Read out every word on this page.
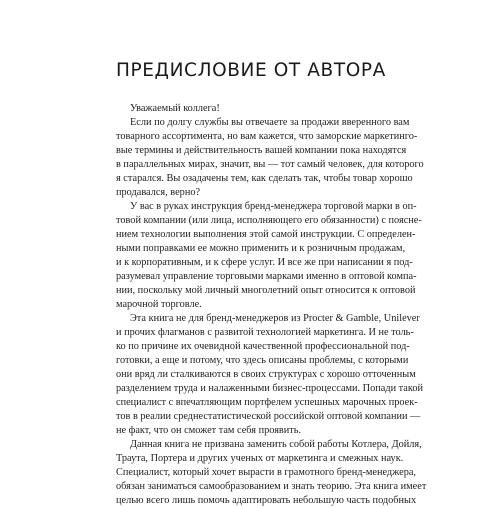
ПРЕДИСЛОВИЕ ОТ АВТОРА
Уважаемый коллега!
Если по долгу службы вы отвечаете за продажи вверенного вам
товарного ассортимента, но вам кажется, что заморские маркетинго-
вые термины и действительность вашей компании пока находятся
в параллельных мирах, значит, вы — тот самый человек, для которого
я старался. Вы озадачены тем, как сделать так, чтобы товар хорошо
продавался, верно?
У вас в руках инструкция бренд-менеджера торговой марки в оп-
товой компании (или лица, исполняющего его обязанности) с поясне-
нием технологии выполнения этой самой инструкции. С определен-
ными поправками ее можно применить и к розничным продажам,
и к корпоративным, и к сфере услуг. И все же при написании я под-
разумевал управление торговыми марками именно в оптовой компа-
нии, поскольку мой личный многолетний опыт относится к оптовой
марочной торговле.
Эта книга не для бренд-менеджеров из Procter & Gamble, Unilever
и прочих флагманов с развитой технологией маркетинга. И не толь-
ко по причине их очевидной качественной профессиональной под-
готовки, а еще и потому, что здесь описаны проблемы, с которыми
они вряд ли сталкиваются в своих структурах с хорошо отточенным
разделением труда и налаженными бизнес-процессами. Попади такой
специалист с впечатляющим портфелем успешных марочных проек-
тов в реалии среднестатистической российской оптовой компании —
не факт, что он сможет там себя проявить.
Данная книга не призвана заменить собой работы Котлера, Дойля,
Траута, Портера и других ученых от маркетинга и смежных наук.
Специалист, который хочет вырасти в грамотного бренд-менеджера,
обязан заниматься самообразованием и знать теорию. Эта книга имеет
целью всего лишь помочь адаптировать небольшую часть подобных
